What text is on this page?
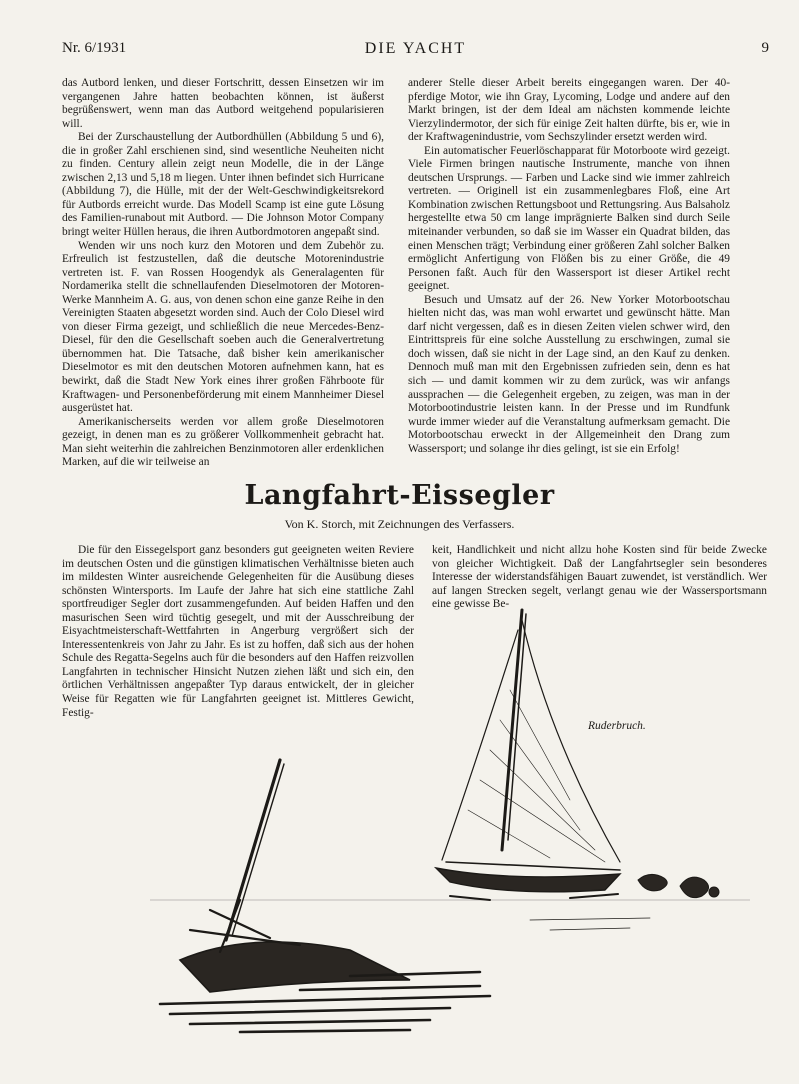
Nr. 6/1931	DIE YACHT	9

das Autbord lenken, und dieser Fortschritt, dessen Einsetzen wir im vergangenen Jahre hatten beobachten können, ist äußerst begrüßenswert, wenn man das Autbord weitgehend popularisieren will.

Bei der Zurschaustellung der Autbordhüllen (Abbildung 5 und 6), die in großer Zahl erschienen sind, sind wesentliche Neuheiten nicht zu finden. Century allein zeigt neun Modelle, die in der Länge zwischen 2,13 und 5,18 m liegen. Unter ihnen befindet sich Hurricane (Abbildung 7), die Hülle, mit der der Welt-Geschwindigkeitsrekord für Autbords erreicht wurde. Das Modell Scamp ist eine gute Lösung des Familien-runabout mit Autbord. — Die Johnson Motor Company bringt weiter Hüllen heraus, die ihren Autbordmotoren angepaßt sind.

Wenden wir uns noch kurz den Motoren und dem Zubehör zu. Erfreulich ist festzustellen, daß die deutsche Motorenindustrie vertreten ist. F. van Rossen Hoogendyk als Generalagenten für Nordamerika stellt die schnellaufenden Dieselmotoren der Motoren-Werke Mannheim A. G. aus, von denen schon eine ganze Reihe in den Vereinigten Staaten abgesetzt worden sind. Auch der Colo Diesel wird von dieser Firma gezeigt, und schließlich die neue Mercedes-Benz-Diesel, für den die Gesellschaft soeben auch die Generalvertretung übernommen hat. Die Tatsache, daß bisher kein amerikanischer Dieselmotor es mit den deutschen Motoren aufnehmen kann, hat es bewirkt, daß die Stadt New York eines ihrer großen Fährboote für Kraftwagen- und Personenbeförderung mit einem Mannheimer Diesel ausgerüstet hat.

Amerikanischerseits werden vor allem große Dieselmotoren gezeigt, in denen man es zu größerer Vollkommenheit gebracht hat. Man sieht weiterhin die zahlreichen Benzinmotoren aller erdenklichen Marken, auf die wir teilweise an

anderer Stelle dieser Arbeit bereits eingegangen waren. Der 40-pferdige Motor, wie ihn Gray, Lycoming, Lodge und andere auf den Markt bringen, ist der dem Ideal am nächsten kommende leichte Vierzylindermotor, der sich für einige Zeit halten dürfte, bis er, wie in der Kraftwagenindustrie, vom Sechszylinder ersetzt werden wird.

Ein automatischer Feuerlöschapparat für Motorboote wird gezeigt. Viele Firmen bringen nautische Instrumente, manche von ihnen deutschen Ursprungs. — Farben und Lacke sind wie immer zahlreich vertreten. — Originell ist ein zusammenlegbares Floß, eine Art Kombination zwischen Rettungsboot und Rettungsring. Aus Balsaholz hergestellte etwa 50 cm lange imprägnierte Balken sind durch Seile miteinander verbunden, so daß sie im Wasser ein Quadrat bilden, das einen Menschen trägt; Verbindung einer größeren Zahl solcher Balken ermöglicht Anfertigung von Flößen bis zu einer Größe, die 49 Personen faßt. Auch für den Wassersport ist dieser Artikel recht geeignet.

Besuch und Umsatz auf der 26. New Yorker Motorbootschau hielten nicht das, was man wohl erwartet und gewünscht hätte. Man darf nicht vergessen, daß es in diesen Zeiten vielen schwer wird, den Eintrittspreis für eine solche Ausstellung zu erschwingen, zumal sie doch wissen, daß sie nicht in der Lage sind, an den Kauf zu denken. Dennoch muß man mit den Ergebnissen zufrieden sein, denn es hat sich — und damit kommen wir zu dem zurück, was wir anfangs aussprachen — die Gelegenheit ergeben, zu zeigen, was man in der Motorbootindustrie leisten kann. In der Presse und im Rundfunk wurde immer wieder auf die Veranstaltung aufmerksam gemacht. Die Motorbootschau erweckt in der Allgemeinheit den Drang zum Wassersport; und solange ihr dies gelingt, ist sie ein Erfolg!

Langfahrt-Eissegler
Von K. Storch, mit Zeichnungen des Verfassers.

Die für den Eissegelsport ganz besonders gut geeigneten weiten Reviere im deutschen Osten und die günstigen klimatischen Verhältnisse bieten auch im mildesten Winter ausreichende Gelegenheiten für die Ausübung dieses schönsten Wintersports. Im Laufe der Jahre hat sich eine stattliche Zahl sportfreudiger Segler dort zusammengefunden. Auf beiden Haffen und den masurischen Seen wird tüchtig gesegelt, und mit der Ausschreibung der Eisyachtmeisterschaft-Wettfahrten in Angerburg vergrößert sich der Interessentenkreis von Jahr zu Jahr. Es ist zu hoffen, daß sich aus der hohen Schule des Regatta-Segelns auch für die besonders auf den Haffen reizvollen Langfahrten in technischer Hinsicht Nutzen ziehen läßt und sich ein, den örtlichen Verhältnissen angepaßter Typ daraus entwickelt, der in gleicher Weise für Regatten wie für Langfahrten geeignet ist. Mittleres Gewicht, Festig-

keit, Handlichkeit und nicht allzu hohe Kosten sind für beide Zwecke von gleicher Wichtigkeit. Daß der Langfahrtsegler sein besonderes Interesse der widerstandsfähigen Bauart zuwendet, ist verständlich. Wer auf langen Strecken segelt, verlangt genau wie der Wassersportsmann eine gewisse Be-

Ruderbruch.
